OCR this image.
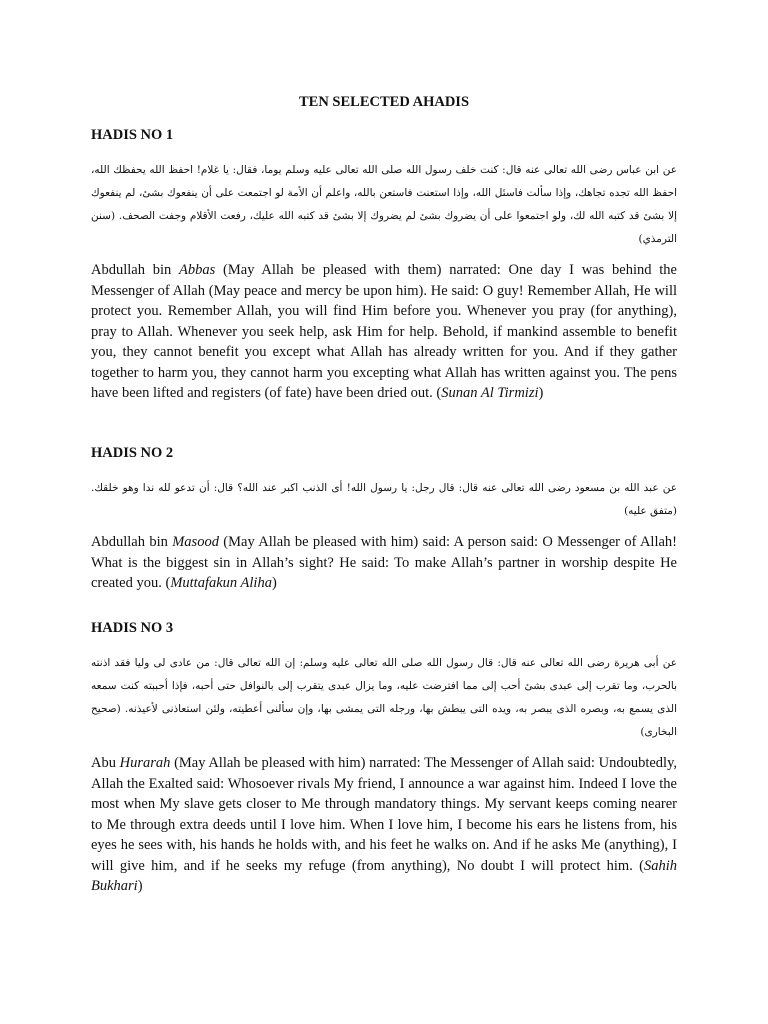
TEN SELECTED AHADIS
HADIS NO 1

عن ابن عباس رضى الله تعالى عنه قال: كنت خلف رسول الله صلى الله تعالى عليه وسلم يوما، فقال: يا غلام! احفظ الله يحفظك الله، احفظ الله تجده تجاهك، وإذا سألت فاسئل الله، وإذا استعنت فاستعن بالله، واعلم أن الأمة لو اجتمعت على أن ينفعوك بشئ، لم ينفعوك إلا بشئ قد كتبه الله لك، ولو اجتمعوا على أن يضروك بشئ لم يضروك إلا بشئ قد كتبه الله عليك، رفعت الأقلام وجفت الصحف. (سنن الترمذي)

Abdullah bin Abbas (May Allah be pleased with them) narrated: One day I was behind the Messenger of Allah (May peace and mercy be upon him). He said: O guy! Remember Allah, He will protect you. Remember Allah, you will find Him before you. Whenever you pray (for anything), pray to Allah. Whenever you seek help, ask Him for help. Behold, if mankind assemble to benefit you, they cannot benefit you except what Allah has already written for you. And if they gather together to harm you, they cannot harm you excepting what Allah has written against you. The pens have been lifted and registers (of fate) have been dried out. (Sunan Al Tirmizi)

HADIS NO 2

عن عبد الله بن مسعود رضى الله تعالى عنه قال: قال رجل: يا رسول الله! أى الذنب اكبر عند الله؟ قال: أن تدعو لله ندا وهو خلقك. (متفق عليه)

Abdullah bin Masood (May Allah be pleased with him) said: A person said: O Messenger of Allah! What is the biggest sin in Allah’s sight? He said: To make Allah’s partner in worship despite He created you. (Muttafakun Aliha)

HADIS NO 3

عن أبى هريرة رضى الله تعالى عنه قال: قال رسول الله صلى الله تعالى عليه وسلم: إن الله تعالى قال: من عادى لى وليا فقد اذنته بالحرب، وما تقرب إلى عبدى بشئ أحب إلى مما افترضت عليه، وما يزال عبدى يتقرب إلى بالنوافل حتى أحبه، فإذا أحببته كنت سمعه الذى يسمع به، وبصره الذى يبصر به، ويده التى يبطش بها، ورجله التى يمشى بها، وإن سألنى أعطيته، ولئن استعاذنى لأعيذنه. (صحيح البخارى)

Abu Hurarah (May Allah be pleased with him) narrated: The Messenger of Allah said: Undoubtedly, Allah the Exalted said: Whosoever rivals My friend, I announce a war against him. Indeed I love the most when My slave gets closer to Me through mandatory things. My servant keeps coming nearer to Me through extra deeds until I love him. When I love him, I become his ears he listens from, his eyes he sees with, his hands he holds with, and his feet he walks on. And if he asks Me (anything), I will give him, and if he seeks my refuge (from anything), No doubt I will protect him. (Sahih Bukhari)
